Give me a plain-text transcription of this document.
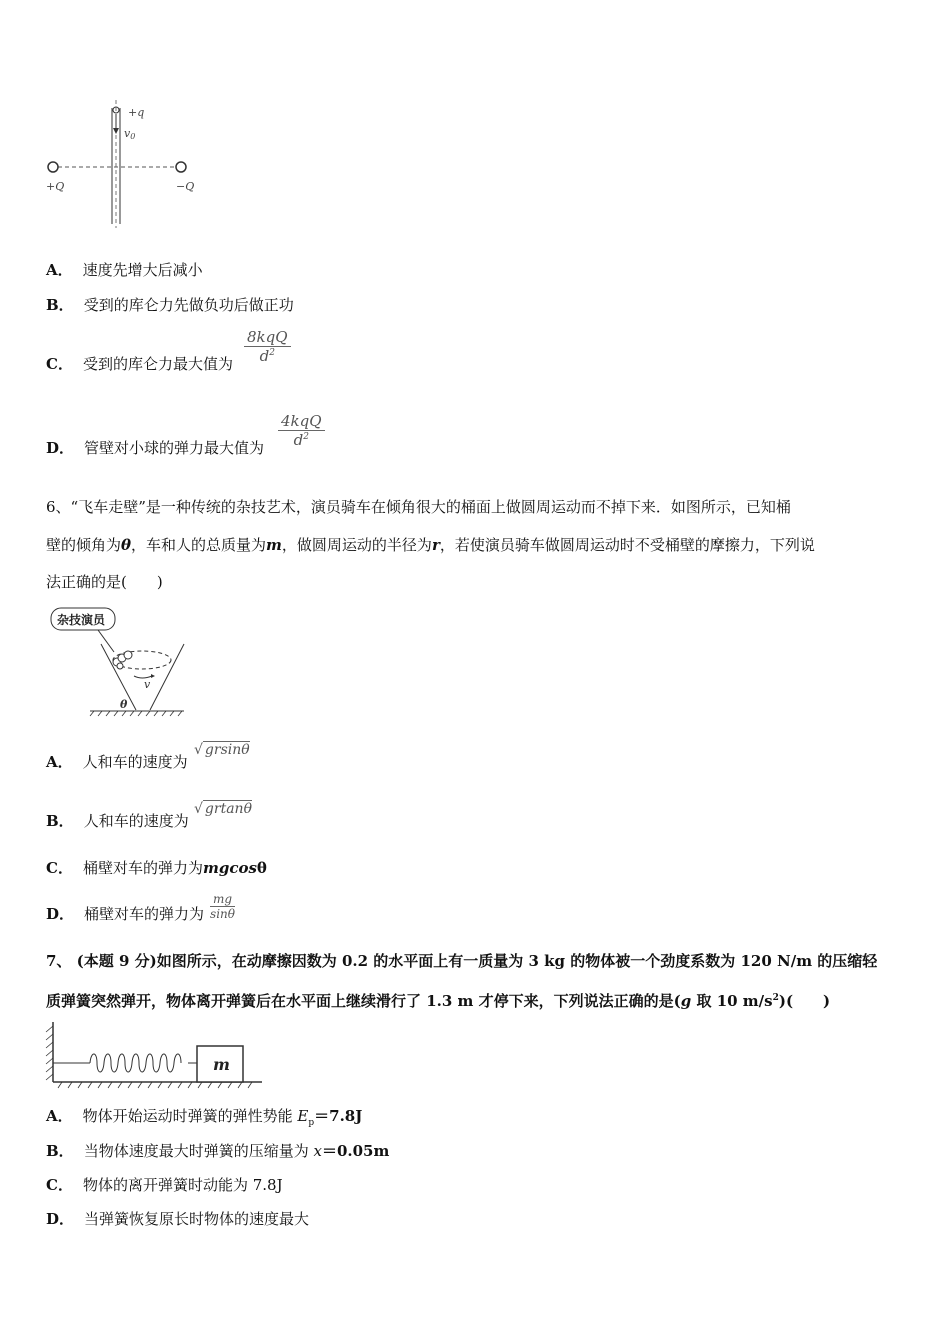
+q
v0
+Q	−Q
A． 速度先增大后减小
B． 受到的库仑力先做负功后做正功
C． 受到的库仑力最大值为
8kqQ
$d^2$
D． 管壁对小球的弹力最大值为
4kqQ
$d^2$
6、“飞车走壁”是一种传统的杂技艺术，演员骑车在倾角很大的桶面上做圆周运动而不掉下来．如图所示，已知桶
壁的倾角为θ，车和人的总质量为m，做圆周运动的半径为r，若使演员骑车做圆周运动时不受桶壁的摩擦力，下列说
法正确的是(　　)
杂技演员
v
θ
A． 人和车的速度为
√ grsinθ
B． 人和车的速度为
√ grtanθ
C． 桶壁对车的弹力为mgcosθ
D． 桶壁对车的弹力为 $\frac{mg}{\sin\theta}$
7、 (本题 9 分)如图所示，在动摩擦因数为 0.2 的水平面上有一质量为 3 kg 的物体被一个劲度系数为 120 N/m 的压缩轻
质弹簧突然弹开，物体离开弹簧后在水平面上继续滑行了 1.3 m 才停下来，下列说法正确的是(g 取 10 $m/s^2$)(　　)
m
A． 物体开始运动时弹簧的弹性势能 $E_p=7.8J$
B． 当物体速度最大时弹簧的压缩量为 x＝0.05m
C． 物体的离开弹簧时动能为 7.8J
D． 当弹簧恢复原长时物体的速度最大
